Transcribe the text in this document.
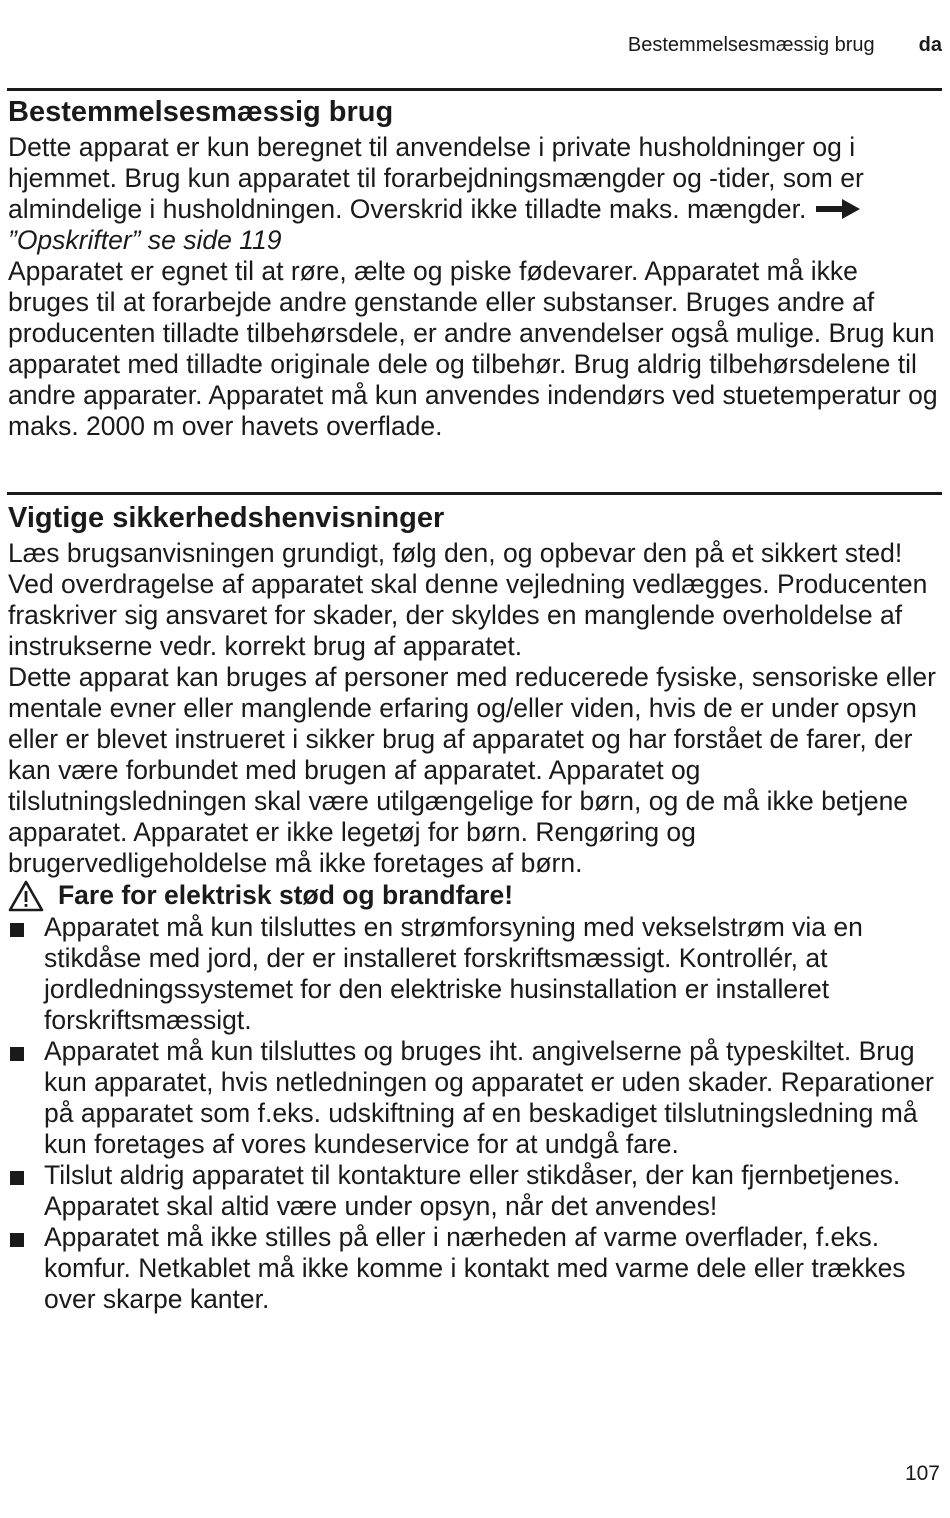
Bestemmelsesmæssig brug da
Bestemmelsesmæssig brug

Dette apparat er kun beregnet til anvendelse i private husholdninger og i hjemmet. Brug kun apparatet til forarbejdningsmængder og -tider, som er almindelige i husholdningen. Overskrid ikke tilladte maks. mængder. ”Opskrifter” se side 119

Apparatet er egnet til at røre, ælte og piske fødevarer. Apparatet må ikke bruges til at forarbejde andre genstande eller substanser. Bruges andre af producenten tilladte tilbehørsdele, er andre anvendelser også mulige. Brug kun apparatet med tilladte originale dele og tilbehør. Brug aldrig tilbehørsdelene til andre apparater. Apparatet må kun anvendes indendørs ved stuetemperatur og maks. 2000 m over havets overflade.

Vigtige sikkerhedshenvisninger

Læs brugsanvisningen grundigt, følg den, og opbevar den på et sikkert sted! Ved overdragelse af apparatet skal denne vejledning vedlægges. Producenten fraskriver sig ansvaret for skader, der skyldes en manglende overholdelse af instrukserne vedr. korrekt brug af apparatet.

Dette apparat kan bruges af personer med reducerede fysiske, sensoriske eller mentale evner eller manglende erfaring og/eller viden, hvis de er under opsyn eller er blevet instrueret i sikker brug af apparatet og har forstået de farer, der kan være forbundet med brugen af apparatet. Apparatet og tilslutningsledningen skal være utilgængelige for børn, og de må ikke betjene apparatet. Apparatet er ikke legetøj for børn. Rengøring og brugervedligeholdelse må ikke foretages af børn.

Fare for elektrisk stød og brandfare!
Apparatet må kun tilsluttes en strømforsyning med vekselstrøm via en stikdåse med jord, der er installeret forskriftsmæssigt. Kontrollér, at jordledningssystemet for den elektriske husinstallation er installeret forskriftsmæssigt.
Apparatet må kun tilsluttes og bruges iht. angivelserne på typeskiltet. Brug kun apparatet, hvis netledningen og apparatet er uden skader. Reparationer på apparatet som f.eks. udskiftning af en beskadiget tilslutningsledning må kun foretages af vores kundeservice for at undgå fare.
Tilslut aldrig apparatet til kontakture eller stikdåser, der kan fjernbetjenes. Apparatet skal altid være under opsyn, når det anvendes!
Apparatet må ikke stilles på eller i nærheden af varme overflader, f.eks. komfur. Netkablet må ikke komme i kontakt med varme dele eller trækkes over skarpe kanter.
107
